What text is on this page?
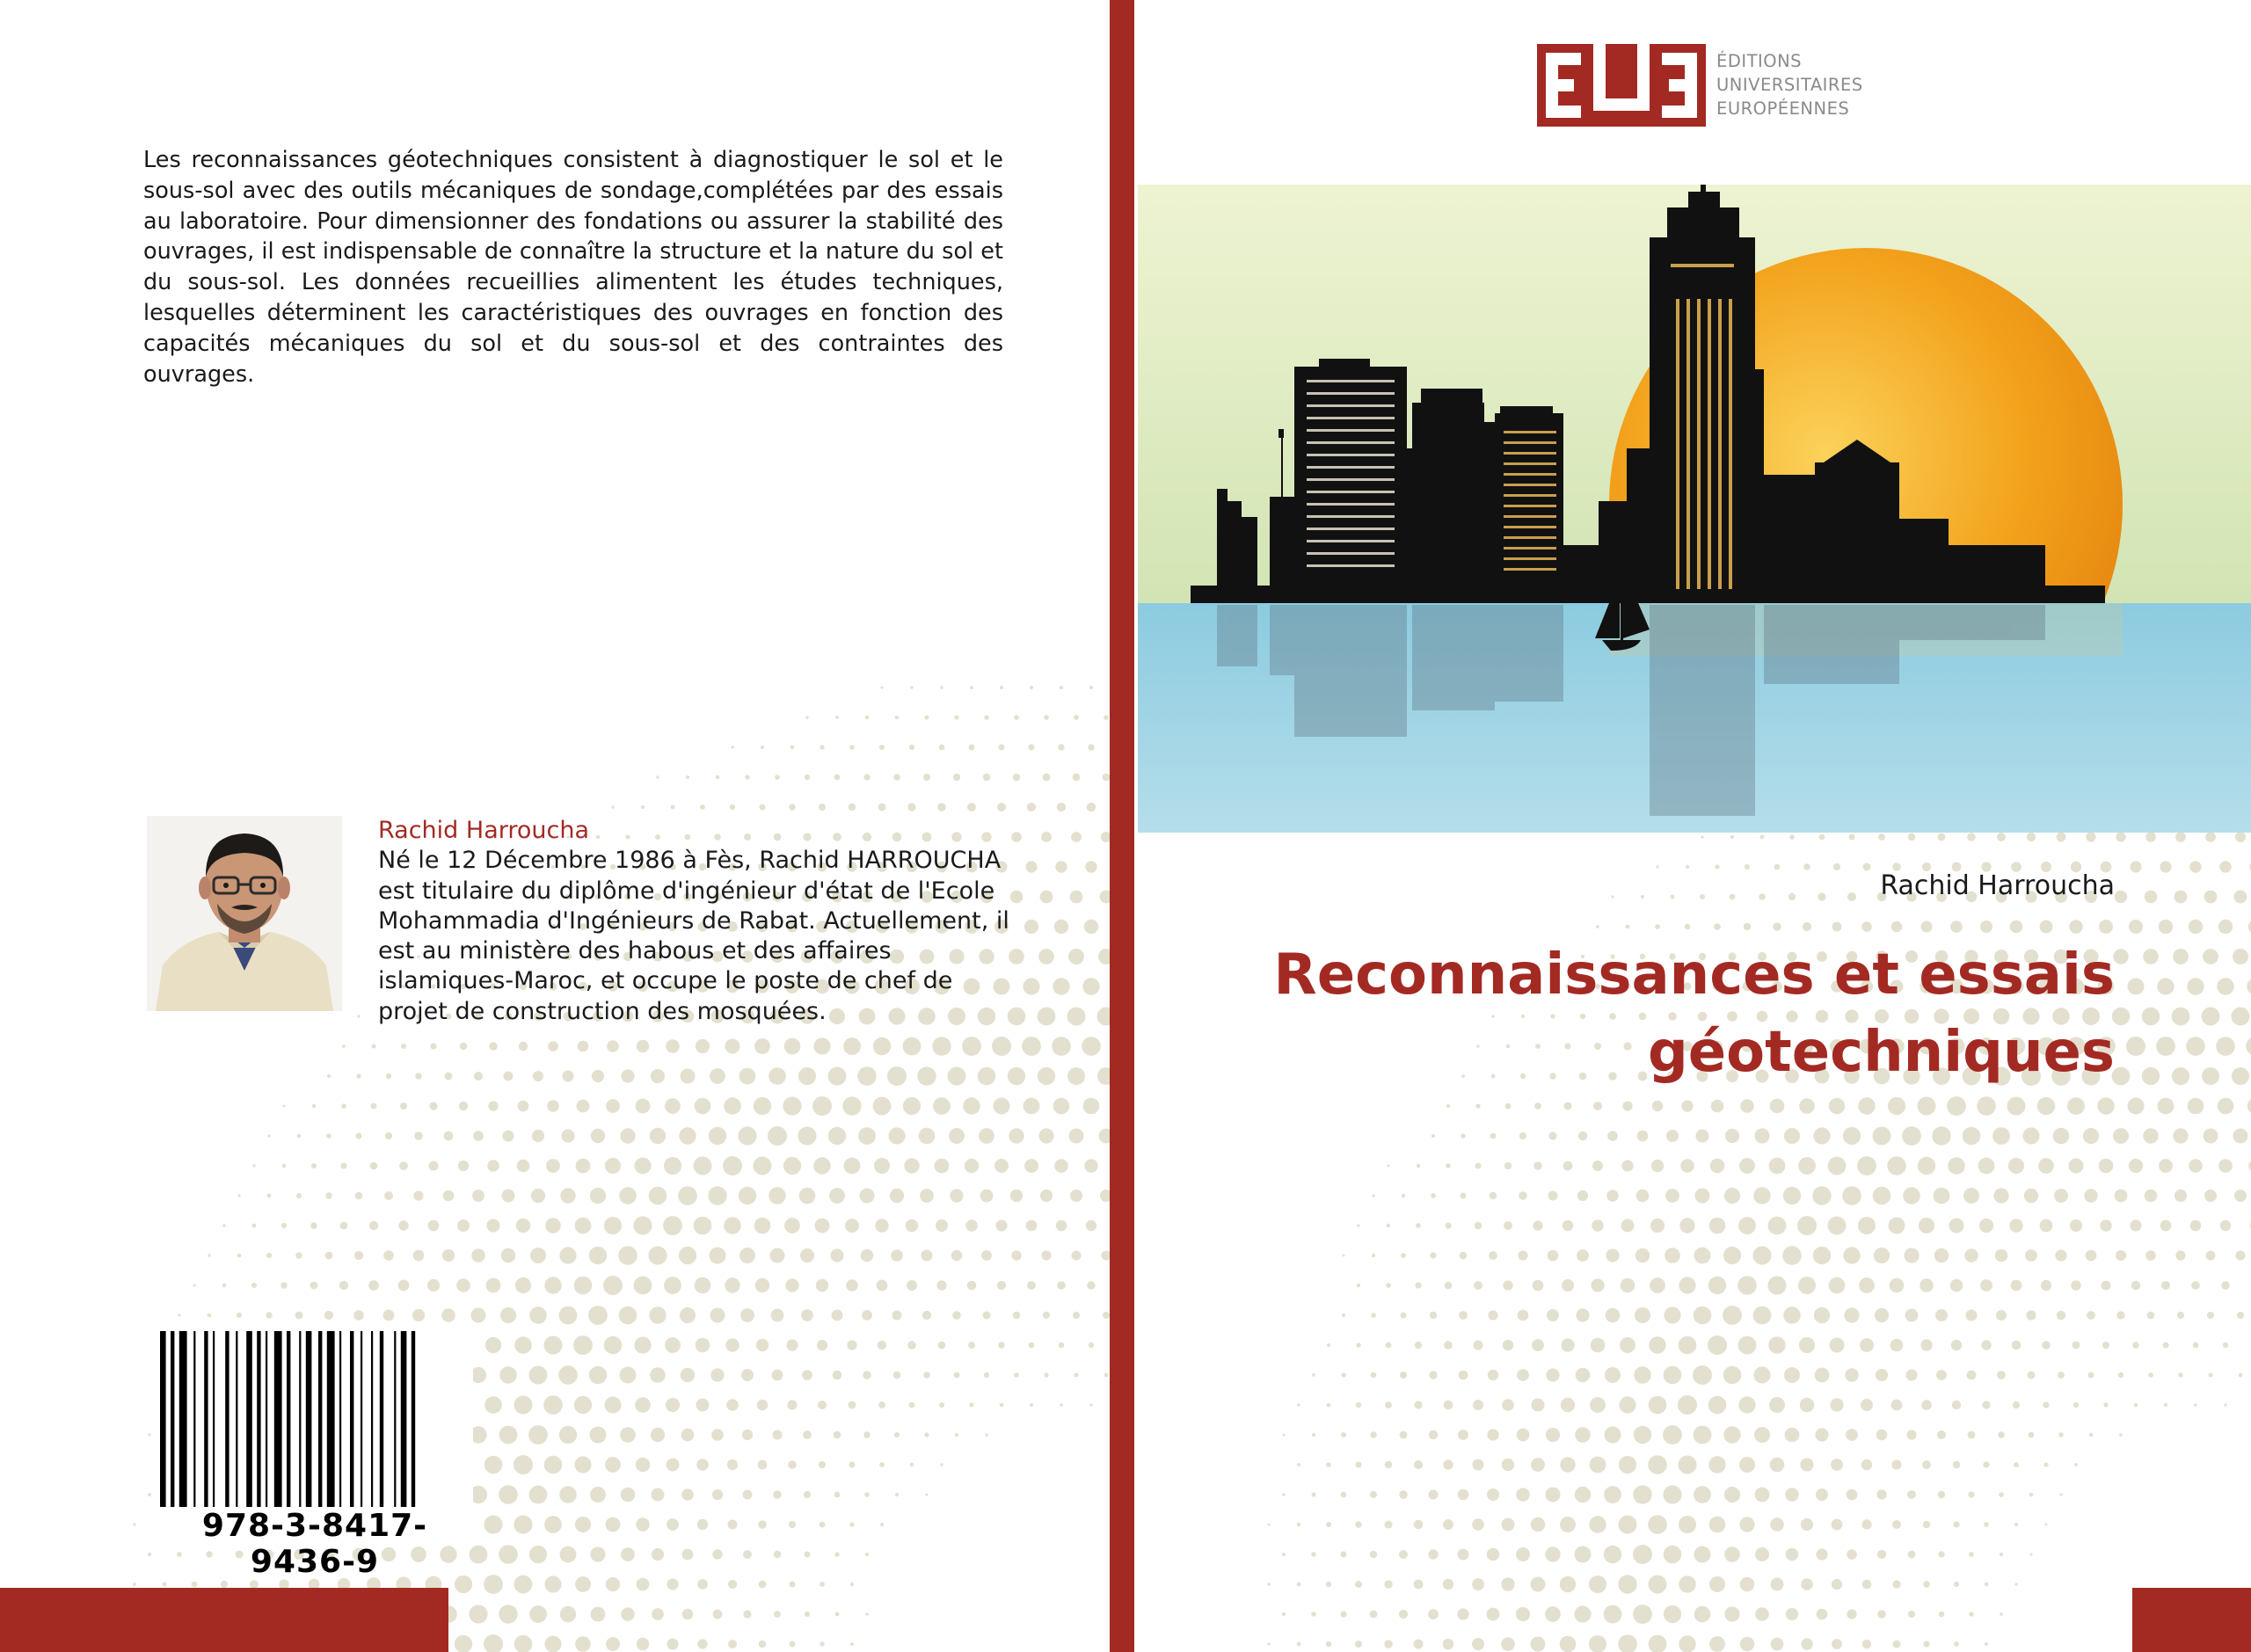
Les reconnaissances géotechniques consistent à diagnostiquer le sol et le sous-sol avec des outils mécaniques de sondage,complétées par des essais au laboratoire. Pour dimensionner des fondations ou assurer la stabilité des ouvrages, il est indispensable de connaître la structure et la nature du sol et du sous-sol. Les données recueillies alimentent les études techniques, lesquelles déterminent les caractéristiques des ouvrages en fonction des capacités mécaniques du sol et du sous-sol et des contraintes des ouvrages.
Rachid Harroucha
Né le 12 Décembre 1986 à Fès, Rachid HARROUCHA est titulaire du diplôme d'ingénieur d'état de l'Ecole Mohammadia d'Ingénieurs de Rabat. Actuellement, il est au ministère des habous et des affaires islamiques-Maroc, et occupe le poste de chef de projet de construction des mosquées.
978-3-8417-9436-9
ÉDITIONS
UNIVERSITAIRES
EUROPÉENNES
Rachid Harroucha
Reconnaissances et essais
géotechniques
